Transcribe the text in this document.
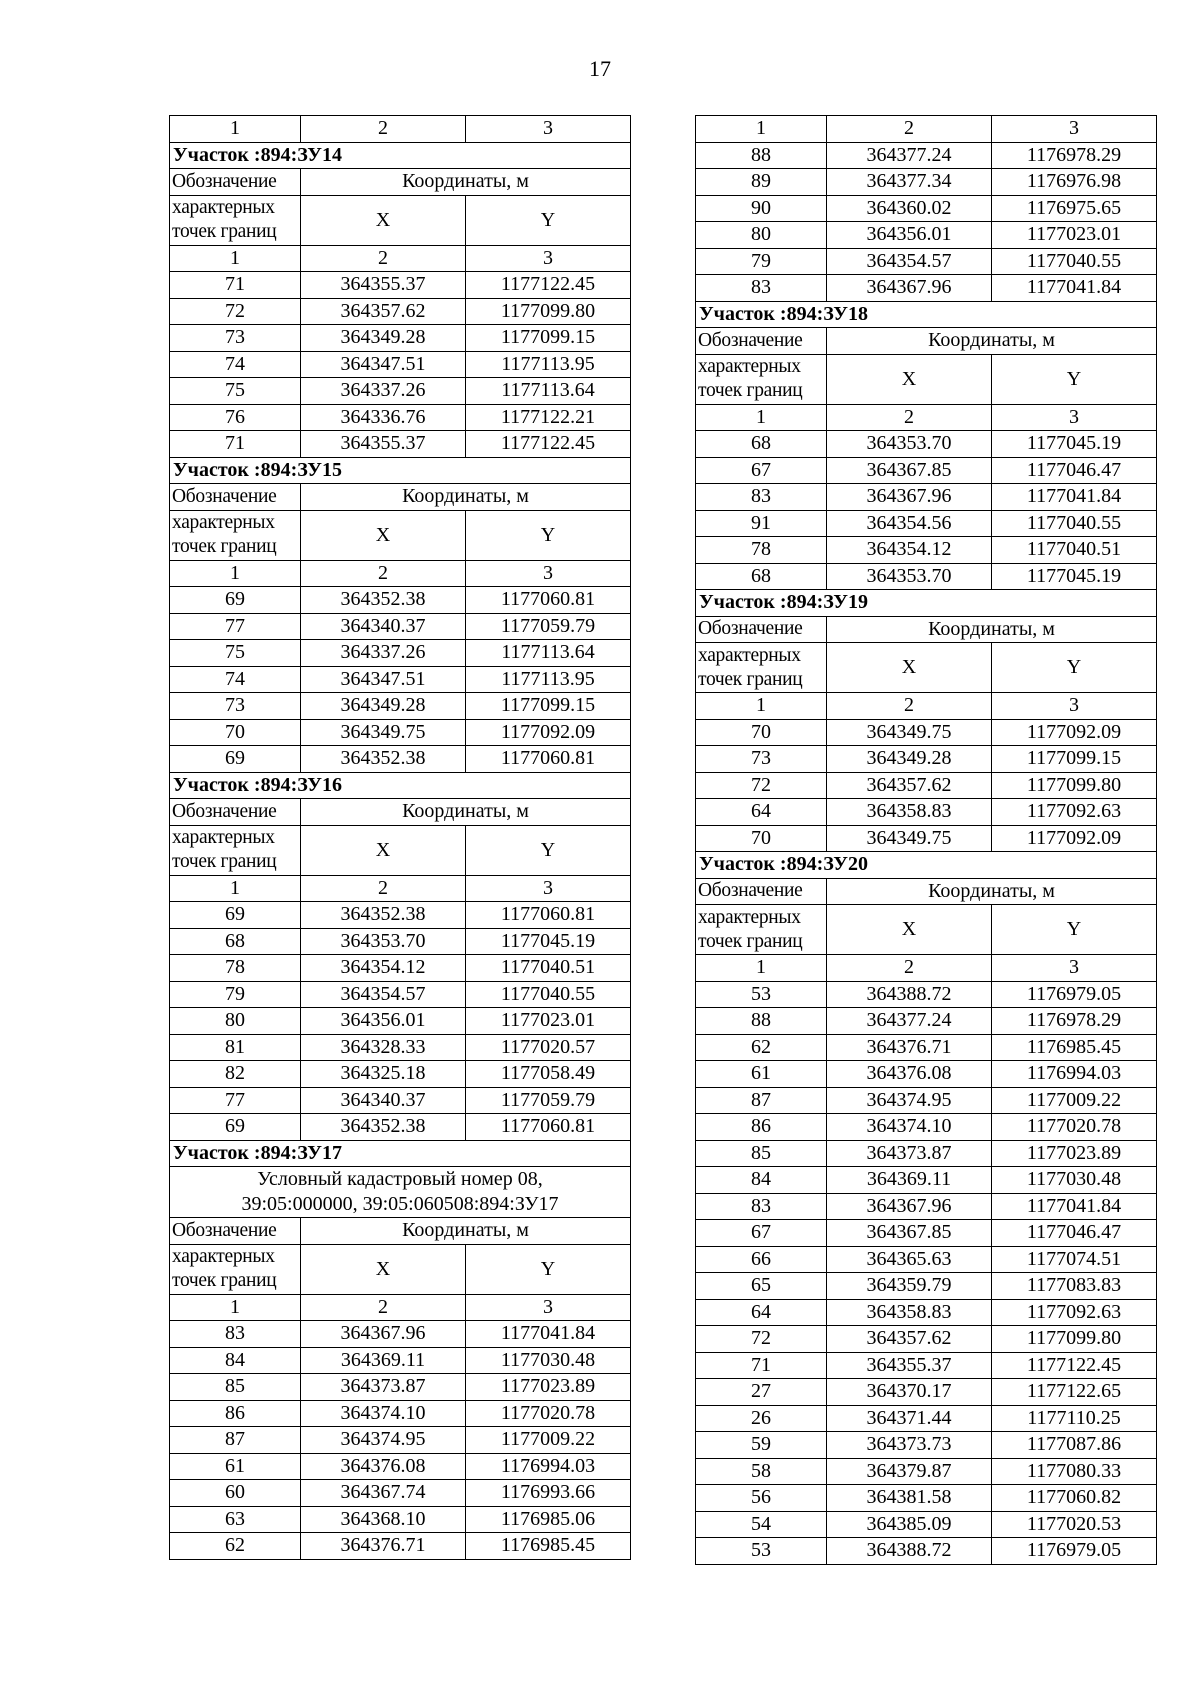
17
1	2	3
Участок :894:ЗУ14		
Обозначение	Координаты, м	
характерных
точек границ	X	Y
1	2	3
71	364355.37	1177122.45
72	364357.62	1177099.80
73	364349.28	1177099.15
74	364347.51	1177113.95
75	364337.26	1177113.64
76	364336.76	1177122.21
71	364355.37	1177122.45
Участок :894:ЗУ15		
Обозначение	Координаты, м	
характерных
точек границ	X	Y
1	2	3
69	364352.38	1177060.81
77	364340.37	1177059.79
75	364337.26	1177113.64
74	364347.51	1177113.95
73	364349.28	1177099.15
70	364349.75	1177092.09
69	364352.38	1177060.81
Участок :894:ЗУ16		
Обозначение	Координаты, м	
характерных
точек границ	X	Y
1	2	3
69	364352.38	1177060.81
68	364353.70	1177045.19
78	364354.12	1177040.51
79	364354.57	1177040.55
80	364356.01	1177023.01
81	364328.33	1177020.57
82	364325.18	1177058.49
77	364340.37	1177059.79
69	364352.38	1177060.81
Участок :894:ЗУ17		
Условный кадастровый номер 08,
39:05:000000, 39:05:060508:894:ЗУ17		
Обозначение	Координаты, м	
характерных
точек границ	X	Y
1	2	3
83	364367.96	1177041.84
84	364369.11	1177030.48
85	364373.87	1177023.89
86	364374.10	1177020.78
87	364374.95	1177009.22
61	364376.08	1176994.03
60	364367.74	1176993.66
63	364368.10	1176985.06
62	364376.71	1176985.45
1	2	3
88	364377.24	1176978.29
89	364377.34	1176976.98
90	364360.02	1176975.65
80	364356.01	1177023.01
79	364354.57	1177040.55
83	364367.96	1177041.84
Участок :894:ЗУ18		
Обозначение	Координаты, м	
характерных
точек границ	X	Y
1	2	3
68	364353.70	1177045.19
67	364367.85	1177046.47
83	364367.96	1177041.84
91	364354.56	1177040.55
78	364354.12	1177040.51
68	364353.70	1177045.19
Участок :894:ЗУ19		
Обозначение	Координаты, м	
характерных
точек границ	X	Y
1	2	3
70	364349.75	1177092.09
73	364349.28	1177099.15
72	364357.62	1177099.80
64	364358.83	1177092.63
70	364349.75	1177092.09
Участок :894:ЗУ20		
Обозначение	Координаты, м	
характерных
точек границ	X	Y
1	2	3
53	364388.72	1176979.05
88	364377.24	1176978.29
62	364376.71	1176985.45
61	364376.08	1176994.03
87	364374.95	1177009.22
86	364374.10	1177020.78
85	364373.87	1177023.89
84	364369.11	1177030.48
83	364367.96	1177041.84
67	364367.85	1177046.47
66	364365.63	1177074.51
65	364359.79	1177083.83
64	364358.83	1177092.63
72	364357.62	1177099.80
71	364355.37	1177122.45
27	364370.17	1177122.65
26	364371.44	1177110.25
59	364373.73	1177087.86
58	364379.87	1177080.33
56	364381.58	1177060.82
54	364385.09	1177020.53
53	364388.72	1176979.05
